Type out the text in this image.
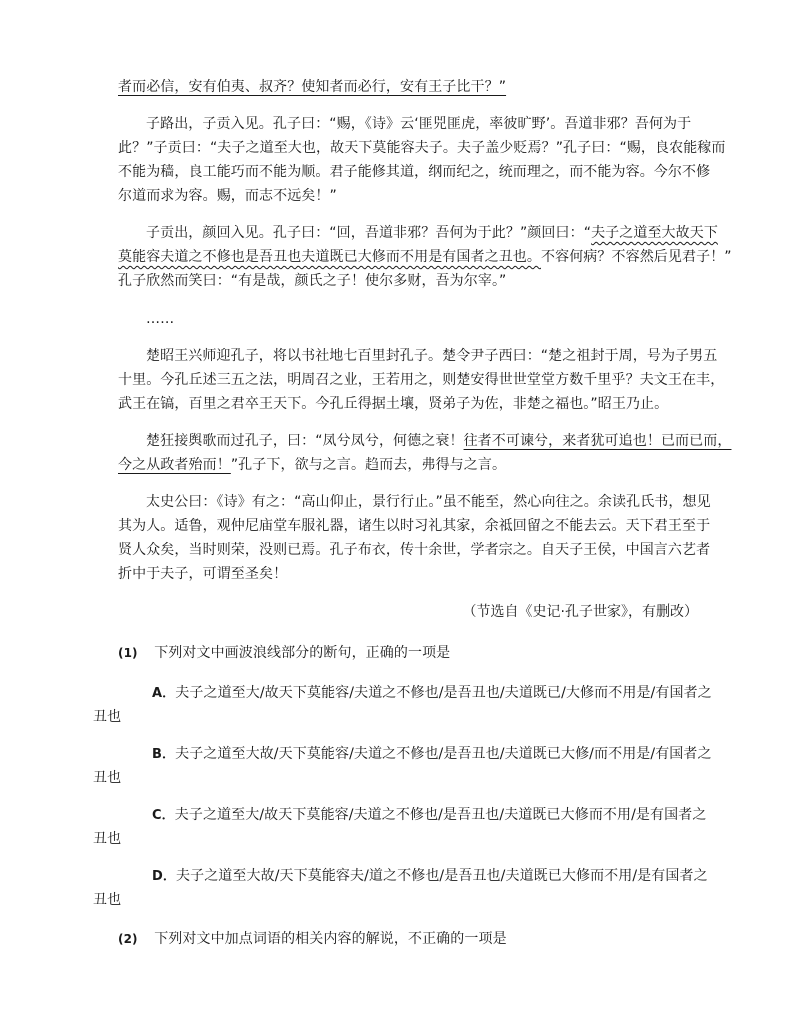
者而必信，安有伯夷、叔齐？使知者而必行，安有王子比干？”
子路出，子贡入见。孔子曰：“赐，《诗》云‘匪兕匪虎，率彼旷野’。吾道非邪？吾何为于
此？”子贡曰：“夫子之道至大也，故天下莫能容夫子。夫子盖少贬焉？”孔子曰：“赐，良农能稼而
不能为穑，良工能巧而不能为顺。君子能修其道，纲而纪之，统而理之，而不能为容。今尔不修
尔道而求为容。赐，而志不远矣！”
子贡出，颜回入见。孔子曰：“回，吾道非邪？吾何为于此？”颜回曰：“夫子之道至大故天下
莫能容夫道之不修也是吾丑也夫道既已大修而不用是有国者之丑也。不容何病？不容然后见君子！”
孔子欣然而笑曰：“有是哉，颜氏之子！使尔多财，吾为尔宰。”
……
楚昭王兴师迎孔子，将以书社地七百里封孔子。楚令尹子西曰：“楚之祖封于周，号为子男五
十里。今孔丘述三五之法，明周召之业，王若用之，则楚安得世世堂堂方数千里乎？夫文王在丰，
武王在镐，百里之君卒王天下。今孔丘得据土壤，贤弟子为佐，非楚之福也。”昭王乃止。
楚狂接舆歌而过孔子，曰：“凤兮凤兮，何德之衰！往者不可谏兮，来者犹可追也！已而已而，
今之从政者殆而！”孔子下，欲与之言。趋而去，弗得与之言。
太史公曰：《诗》有之：“高山仰止，景行行止。”虽不能至，然心向往之。余读孔氏书，想见
其为人。适鲁，观仲尼庙堂车服礼器，诸生以时习礼其家，余祗回留之不能去云。天下君王至于
贤人众矣，当时则荣，没则已焉。孔子布衣，传十余世，学者宗之。自天子王侯，中国言六艺者
折中于夫子，可谓至圣矣！
（节选自《史记·孔子世家》，有删改）
(1) 下列对文中画波浪线部分的断句，正确的一项是
A．夫子之道至大/故天下莫能容/夫道之不修也/是吾丑也/夫道既已/大修而不用是/有国者之
丑也
B．夫子之道至大故/天下莫能容/夫道之不修也/是吾丑也/夫道既已大修/而不用是/有国者之
丑也
C．夫子之道至大/故天下莫能容/夫道之不修也/是吾丑也/夫道既已大修而不用/是有国者之
丑也
D．夫子之道至大故/天下莫能容夫/道之不修也/是吾丑也/夫道既已大修而不用/是有国者之
丑也
(2) 下列对文中加点词语的相关内容的解说，不正确的一项是
